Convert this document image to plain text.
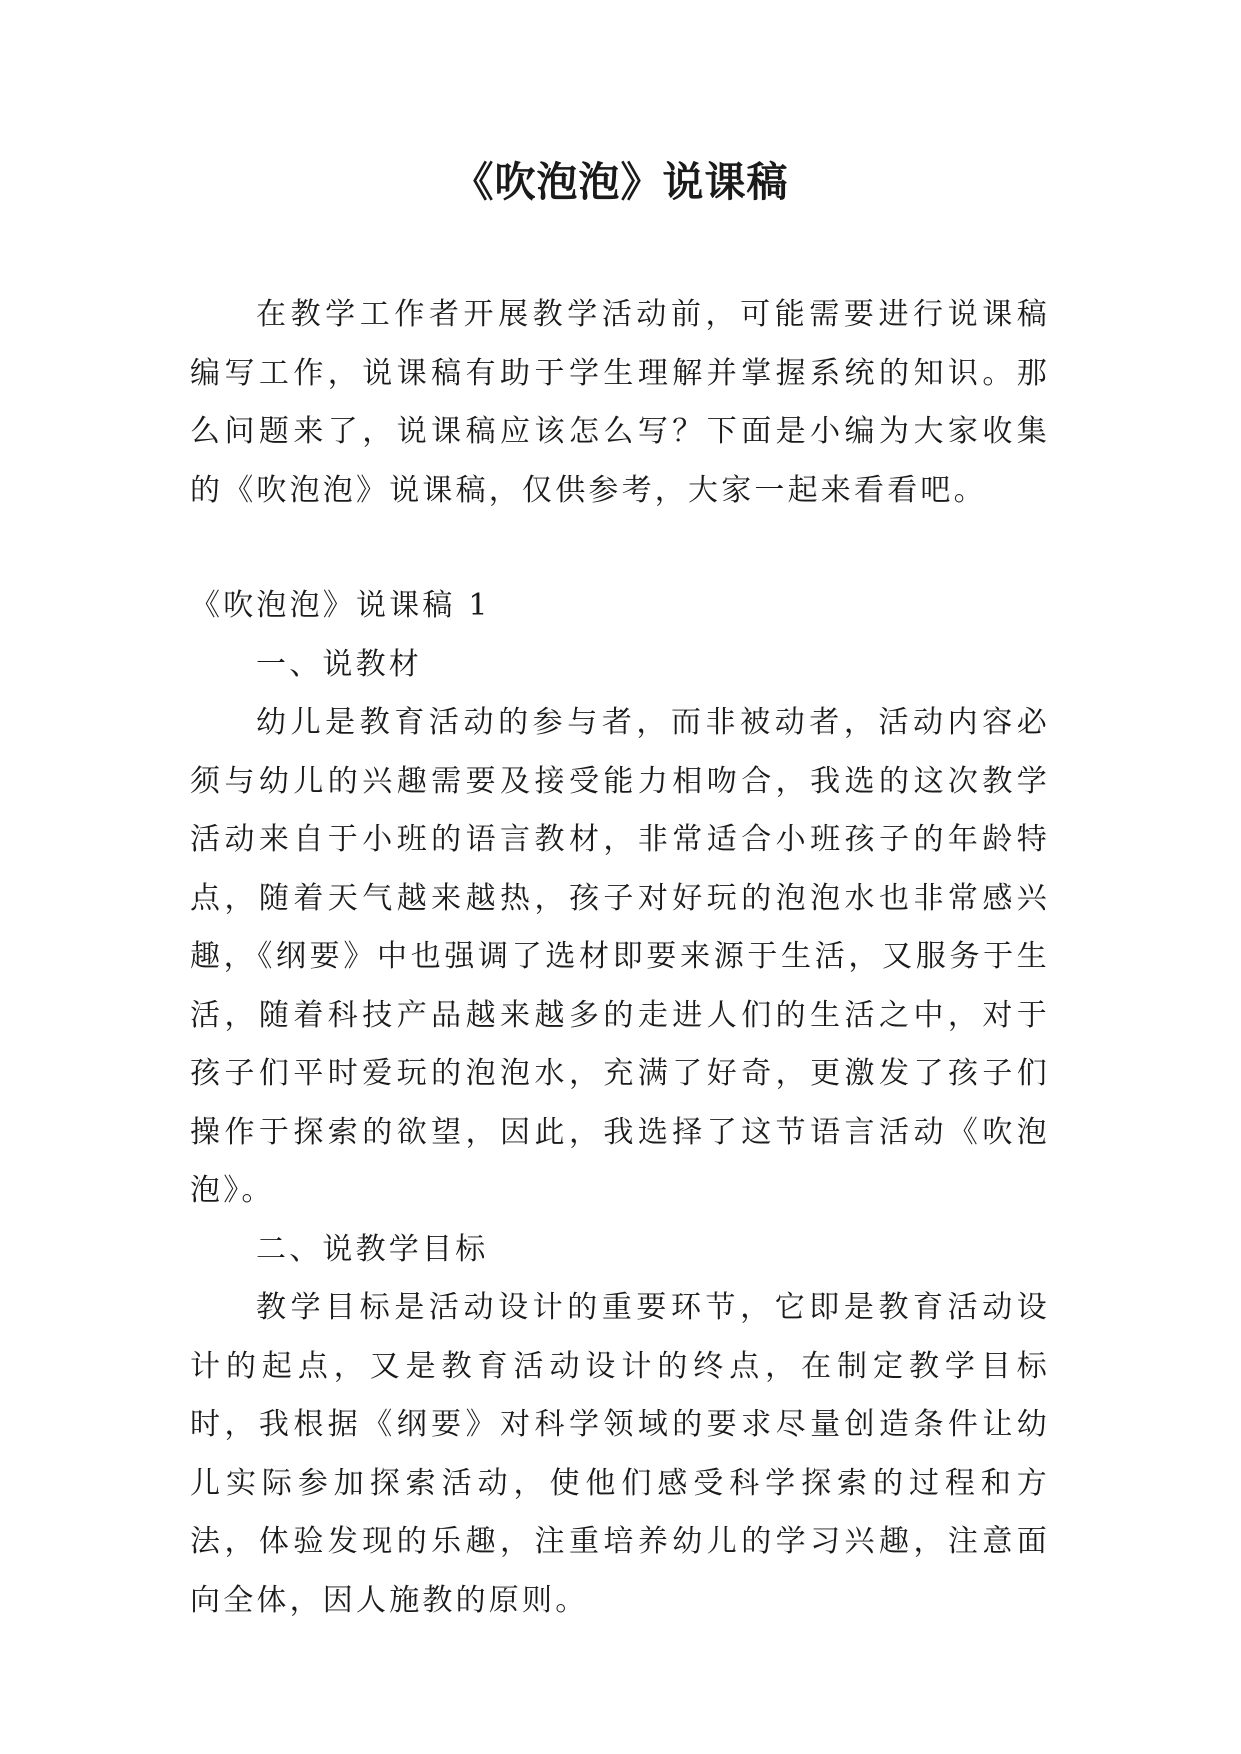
《吹泡泡》说课稿

在教学工作者开展教学活动前，可能需要进行说课稿编写工作，说课稿有助于学生理解并掌握系统的知识。那么问题来了，说课稿应该怎么写？下面是小编为大家收集的《吹泡泡》说课稿，仅供参考，大家一起来看看吧。

《吹泡泡》说课稿 1

一、说教材

幼儿是教育活动的参与者，而非被动者，活动内容必须与幼儿的兴趣需要及接受能力相吻合，我选的这次教学活动来自于小班的语言教材，非常适合小班孩子的年龄特点，随着天气越来越热，孩子对好玩的泡泡水也非常感兴趣，《纲要》中也强调了选材即要来源于生活，又服务于生活，随着科技产品越来越多的走进人们的生活之中，对于孩子们平时爱玩的泡泡水，充满了好奇，更激发了孩子们操作于探索的欲望，因此，我选择了这节语言活动《吹泡泡》。

二、说教学目标

教学目标是活动设计的重要环节，它即是教育活动设计的起点，又是教育活动设计的终点，在制定教学目标时，我根据《纲要》对科学领域的要求尽量创造条件让幼儿实际参加探索活动，使他们感受科学探索的过程和方法，体验发现的乐趣，注重培养幼儿的学习兴趣，注意面向全体，因人施教的原则。
